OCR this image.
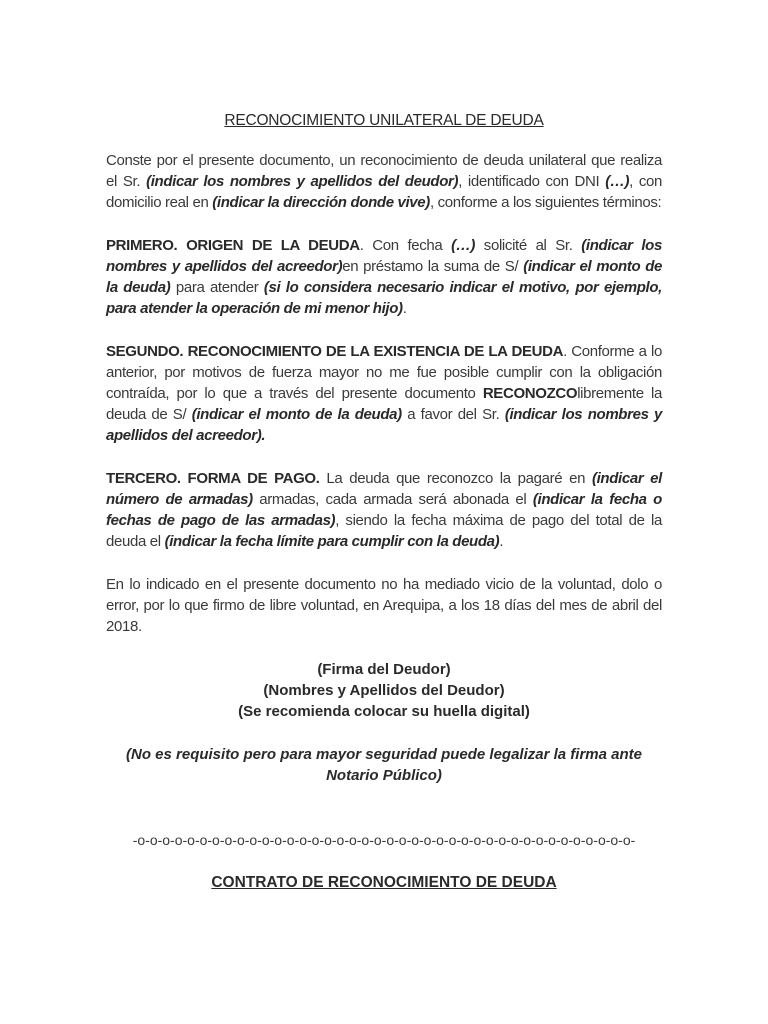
RECONOCIMIENTO UNILATERAL DE DEUDA

Conste por el presente documento, un reconocimiento de deuda unilateral que realiza el Sr. (indicar los nombres y apellidos del deudor), identificado con DNI (…), con domicilio real en (indicar la dirección donde vive), conforme a los siguientes términos:

PRIMERO. ORIGEN DE LA DEUDA. Con fecha (…) solicité al Sr. (indicar los nombres y apellidos del acreedor)en préstamo la suma de S/ (indicar el monto de la deuda) para atender (si lo considera necesario indicar el motivo, por ejemplo, para atender la operación de mi menor hijo).

SEGUNDO. RECONOCIMIENTO DE LA EXISTENCIA DE LA DEUDA. Conforme a lo anterior, por motivos de fuerza mayor no me fue posible cumplir con la obligación contraída, por lo que a través del presente documento RECONOZCOlibremente la deuda de S/ (indicar el monto de la deuda) a favor del Sr. (indicar los nombres y apellidos del acreedor).

TERCERO. FORMA DE PAGO. La deuda que reconozco la pagaré en (indicar el número de armadas) armadas, cada armada será abonada el (indicar la fecha o fechas de pago de las armadas), siendo la fecha máxima de pago del total de la deuda el (indicar la fecha límite para cumplir con la deuda).

En lo indicado en el presente documento no ha mediado vicio de la voluntad, dolo o error, por lo que firmo de libre voluntad, en Arequipa, a los 18 días del mes de abril del 2018.

(Firma del Deudor)
(Nombres y Apellidos del Deudor)
(Se recomienda colocar su huella digital)
(No es requisito pero para mayor seguridad puede legalizar la firma ante Notario Público)
-o-o-o-o-o-o-o-o-o-o-o-o-o-o-o-o-o-o-o-o-o-o-o-o-o-o-o-o-o-o-o-o-o-o-o-o-o-o-o-o-
CONTRATO DE RECONOCIMIENTO DE DEUDA
